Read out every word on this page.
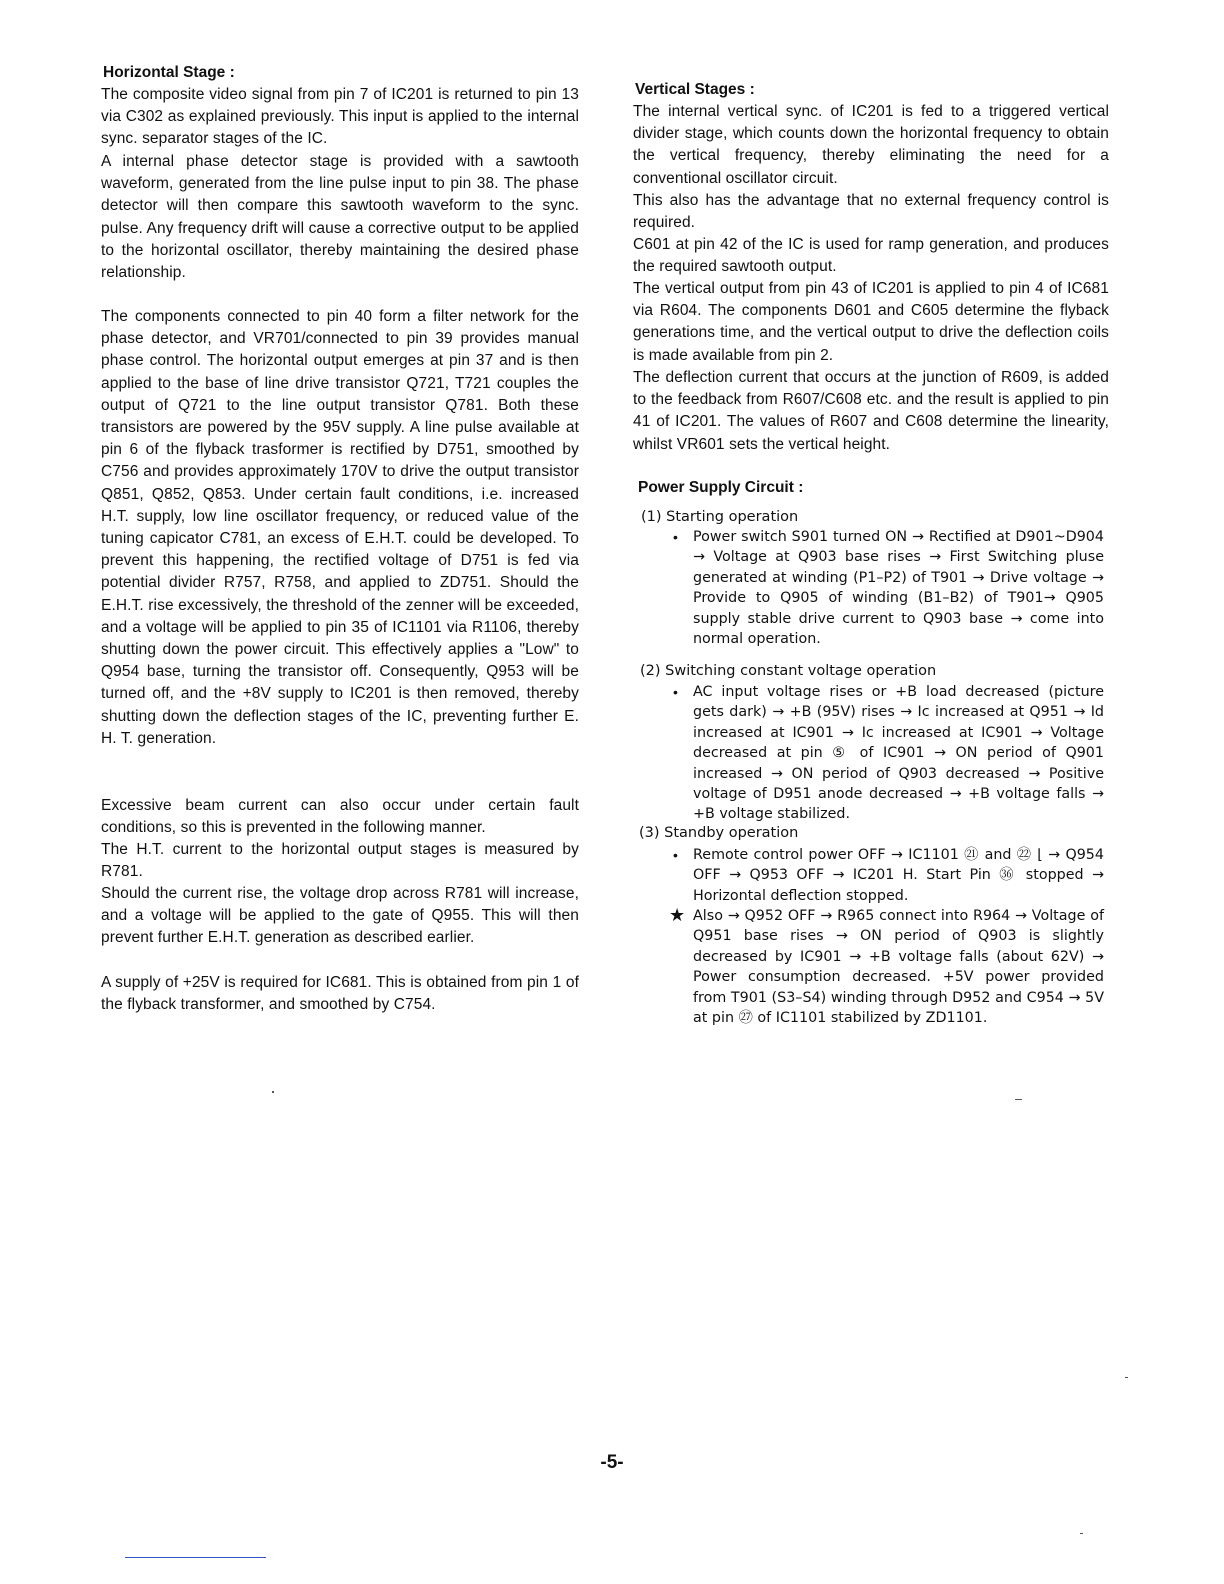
Horizontal Stage :

The composite video signal from pin 7 of IC201 is returned to pin 13 via C302 as explained previously. This input is applied to the internal sync. separator stages of the IC.

A internal phase detector stage is provided with a sawtooth waveform, generated from the line pulse input to pin 38. The phase detector will then compare this sawtooth waveform to the sync. pulse. Any frequency drift will cause a corrective output to be applied to the horizontal oscillator, thereby maintaining the desired phase relationship.

The components connected to pin 40 form a filter network for the phase detector, and VR701/connected to pin 39 provides manual phase control. The horizontal output emerges at pin 37 and is then applied to the base of line drive transistor Q721, T721 couples the output of Q721 to the line output transistor Q781. Both these transistors are powered by the 95V supply. A line pulse available at pin 6 of the flyback trasformer is rectified by D751, smoothed by C756 and provides approximately 170V to drive the output transistor Q851, Q852, Q853. Under certain fault conditions, i.e. increased H.T. supply, low line oscillator frequency, or reduced value of the tuning capicator C781, an excess of E.H.T. could be developed. To prevent this happening, the rectified voltage of D751 is fed via potential divider R757, R758, and applied to ZD751. Should the E.H.T. rise excessively, the threshold of the zenner will be exceeded, and a voltage will be applied to pin 35 of IC1101 via R1106, thereby shutting down the power circuit. This effectively applies a "Low" to Q954 base, turning the transistor off. Consequently, Q953 will be turned off, and the +8V supply to IC201 is then removed, thereby shutting down the deflection stages of the IC, preventing further E. H. T. generation.

Excessive beam current can also occur under certain fault conditions, so this is prevented in the following manner.

The H.T. current to the horizontal output stages is measured by R781.

Should the current rise, the voltage drop across R781 will increase, and a voltage will be applied to the gate of Q955. This will then prevent further E.H.T. generation as described earlier.

A supply of +25V is required for IC681. This is obtained from pin 1 of the flyback transformer, and smoothed by C754.

Vertical Stages :

The internal vertical sync. of IC201 is fed to a triggered vertical divider stage, which counts down the horizontal frequency to obtain the vertical frequency, thereby eliminating the need for a conventional oscillator circuit.

This also has the advantage that no external frequency control is required.

C601 at pin 42 of the IC is used for ramp generation, and produces the required sawtooth output.

The vertical output from pin 43 of IC201 is applied to pin 4 of IC681 via R604. The components D601 and C605 determine the flyback generations time, and the vertical output to drive the deflection coils is made available from pin 2.

The deflection current that occurs at the junction of R609, is added to the feedback from R607/C608 etc. and the result is applied to pin 41 of IC201. The values of R607 and C608 determine the linearity, whilst VR601 sets the vertical height.

Power Supply Circuit :
(1) Starting operation
• Power switch S901 turned ON → Rectified at D901~D904 → Voltage at Q903 base rises → First Switching pluse generated at winding (P1–P2) of T901 → Drive voltage → Provide to Q905 of winding (B1–B2) of T901→ Q905 supply stable drive current to Q903 base → come into normal operation.

(2) Switching constant voltage operation
• AC input voltage rises or +B load decreased (picture gets dark) → +B (95V) rises → Ic increased at Q951 → Id increased at IC901 → Ic increased at IC901 → Voltage decreased at pin ⑤ of IC901 → ON period of Q901 increased → ON period of Q903 decreased → Positive voltage of D951 anode decreased → +B voltage falls → +B voltage stabilized.

(3) Standby operation
• Remote control power OFF → IC1101 ㉑ and ㉒ ⌊ → Q954 OFF → Q953 OFF → IC201 H. Start Pin ㊱ stopped → Horizontal deflection stopped.

★ Also → Q952 OFF → R965 connect into R964 → Voltage of Q951 base rises → ON period of Q903 is slightly decreased by IC901 → +B voltage falls (about 62V) → Power consumption decreased. +5V power provided from T901 (S3–S4) winding through D952 and C954 → 5V at pin ㉗ of IC1101 stabilized by ZD1101.

-5-
